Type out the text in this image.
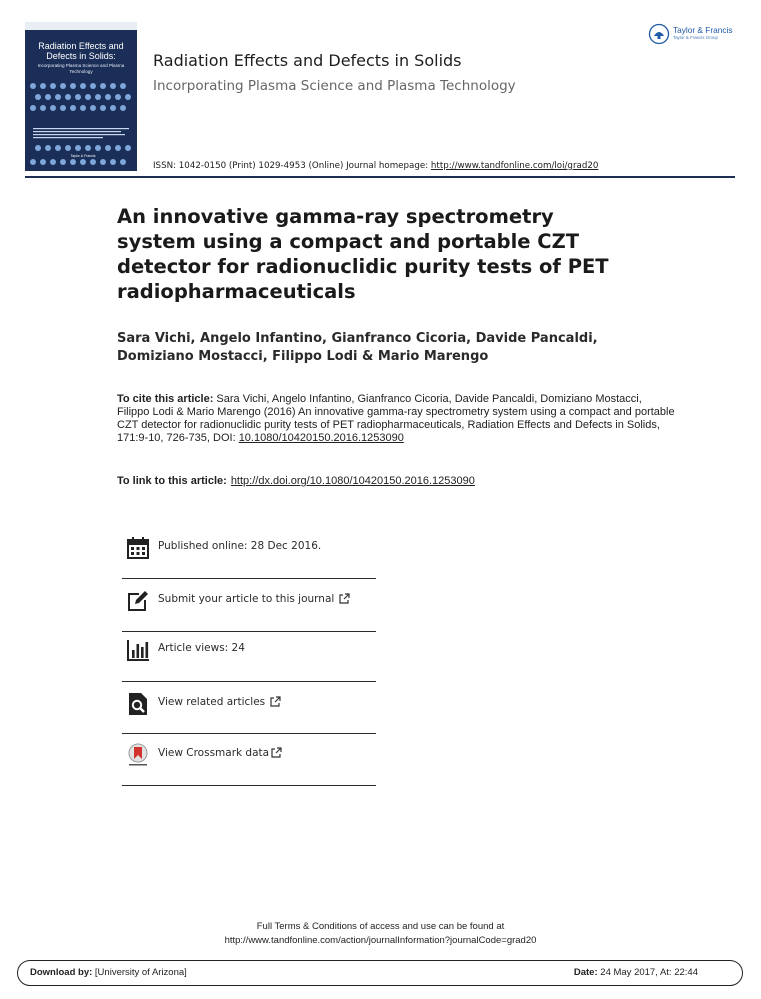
Radiation Effects and Defects in Solids:
Incorporating Plasma Science and Plasma Technology
Taylor & Francis
Radiation Effects and Defects in Solids
Incorporating Plasma Science and Plasma Technology
Taylor & Francis
Taylor & Francis Group
ISSN: 1042-0150 (Print) 1029-4953 (Online) Journal homepage: http://www.tandfonline.com/loi/grad20
An innovative gamma-ray spectrometry system using a compact and portable CZT detector for radionuclidic purity tests of PET radiopharmaceuticals
Sara Vichi, Angelo Infantino, Gianfranco Cicoria, Davide Pancaldi, Domiziano Mostacci, Filippo Lodi & Mario Marengo
To cite this article: Sara Vichi, Angelo Infantino, Gianfranco Cicoria, Davide Pancaldi, Domiziano Mostacci, Filippo Lodi & Mario Marengo (2016) An innovative gamma-ray spectrometry system using a compact and portable CZT detector for radionuclidic purity tests of PET radiopharmaceuticals, Radiation Effects and Defects in Solids, 171:9-10, 726-735, DOI: 10.1080/10420150.2016.1253090
To link to this article: http://dx.doi.org/10.1080/10420150.2016.1253090
Published online: 28 Dec 2016.
Submit your article to this journal
Article views: 24
View related articles
View Crossmark data
Full Terms & Conditions of access and use can be found at
http://www.tandfonline.com/action/journalInformation?journalCode=grad20
Download by: [University of Arizona]	Date: 24 May 2017, At: 22:44
